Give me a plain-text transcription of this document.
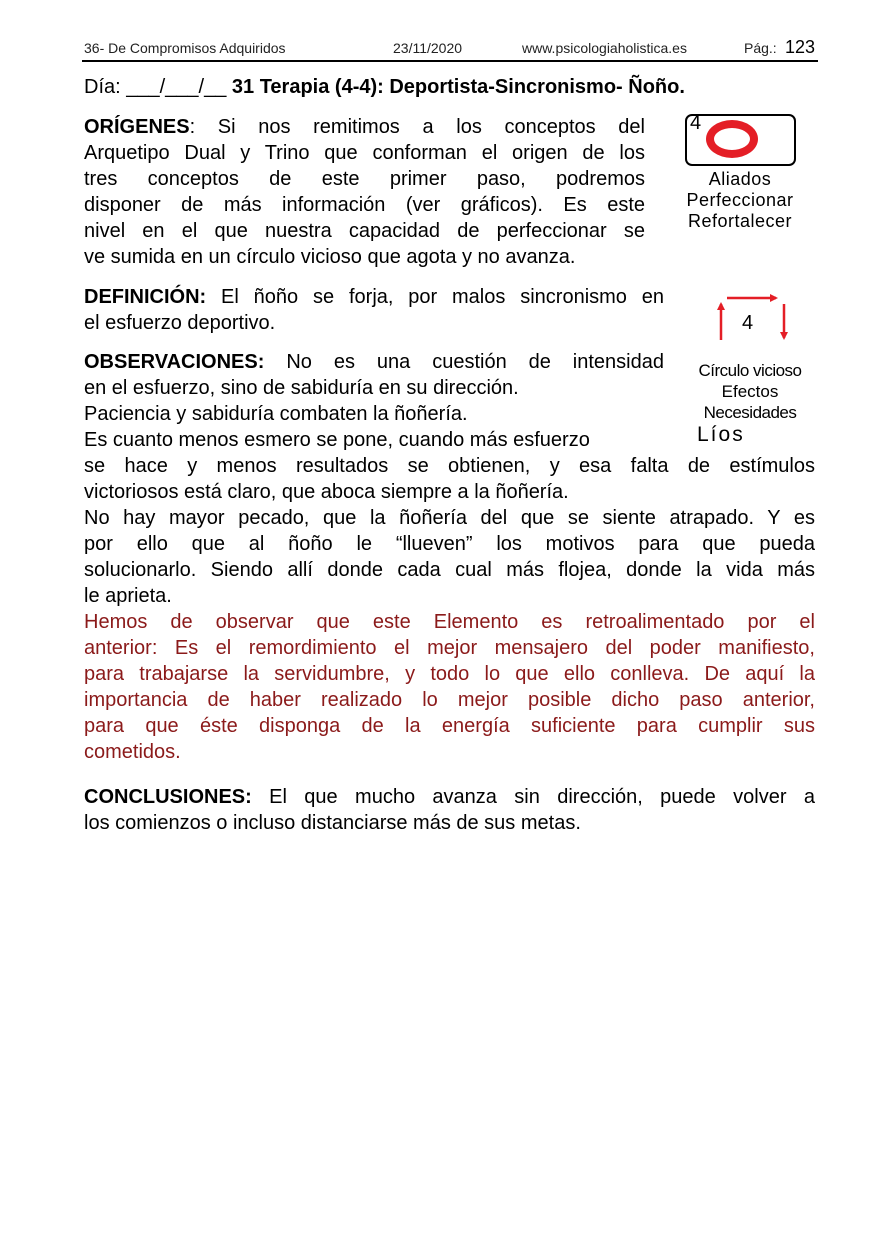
36- De Compromisos Adquiridos	23/11/2020	www.psicologiaholistica.es	Pág.: 123
Día: ___/___/__ 31 Terapia (4-4): Deportista-Sincronismo- Ñoño.
ORÍGENES: Si nos remitimos a los conceptos del
Arquetipo Dual y Trino que conforman el origen de los
tres conceptos de este primer paso, podremos
disponer de más información (ver gráficos). Es este
nivel en el que nuestra capacidad de perfeccionar se
ve sumida en un círculo vicioso que agota y no avanza.
4
Aliados
Perfeccionar
Refortalecer
DEFINICIÓN: El ñoño se forja, por malos sincronismo en
el esfuerzo deportivo.	4
Círculo vicioso
Efectos
Necesidades
Líos
OBSERVACIONES: No es una cuestión de intensidad
en el esfuerzo, sino de sabiduría en su dirección.
Paciencia y sabiduría combaten la ñoñería.
Es cuanto menos esmero se pone, cuando más esfuerzo
se hace y menos resultados se obtienen, y esa falta de estímulos
victoriosos está claro, que aboca siempre a la ñoñería.
No hay mayor pecado, que la ñoñería del que se siente atrapado. Y es
por ello que al ñoño le “llueven” los motivos para que pueda
solucionarlo. Siendo allí donde cada cual más flojea, donde la vida más
le aprieta.
Hemos de observar que este Elemento es retroalimentado por el
anterior: Es el remordimiento el mejor mensajero del poder manifiesto,
para trabajarse la servidumbre, y todo lo que ello conlleva. De aquí la
importancia de haber realizado lo mejor posible dicho paso anterior,
para que éste disponga de la energía suficiente para cumplir sus
cometidos.
CONCLUSIONES: El que mucho avanza sin dirección, puede volver a
los comienzos o incluso distanciarse más de sus metas.
